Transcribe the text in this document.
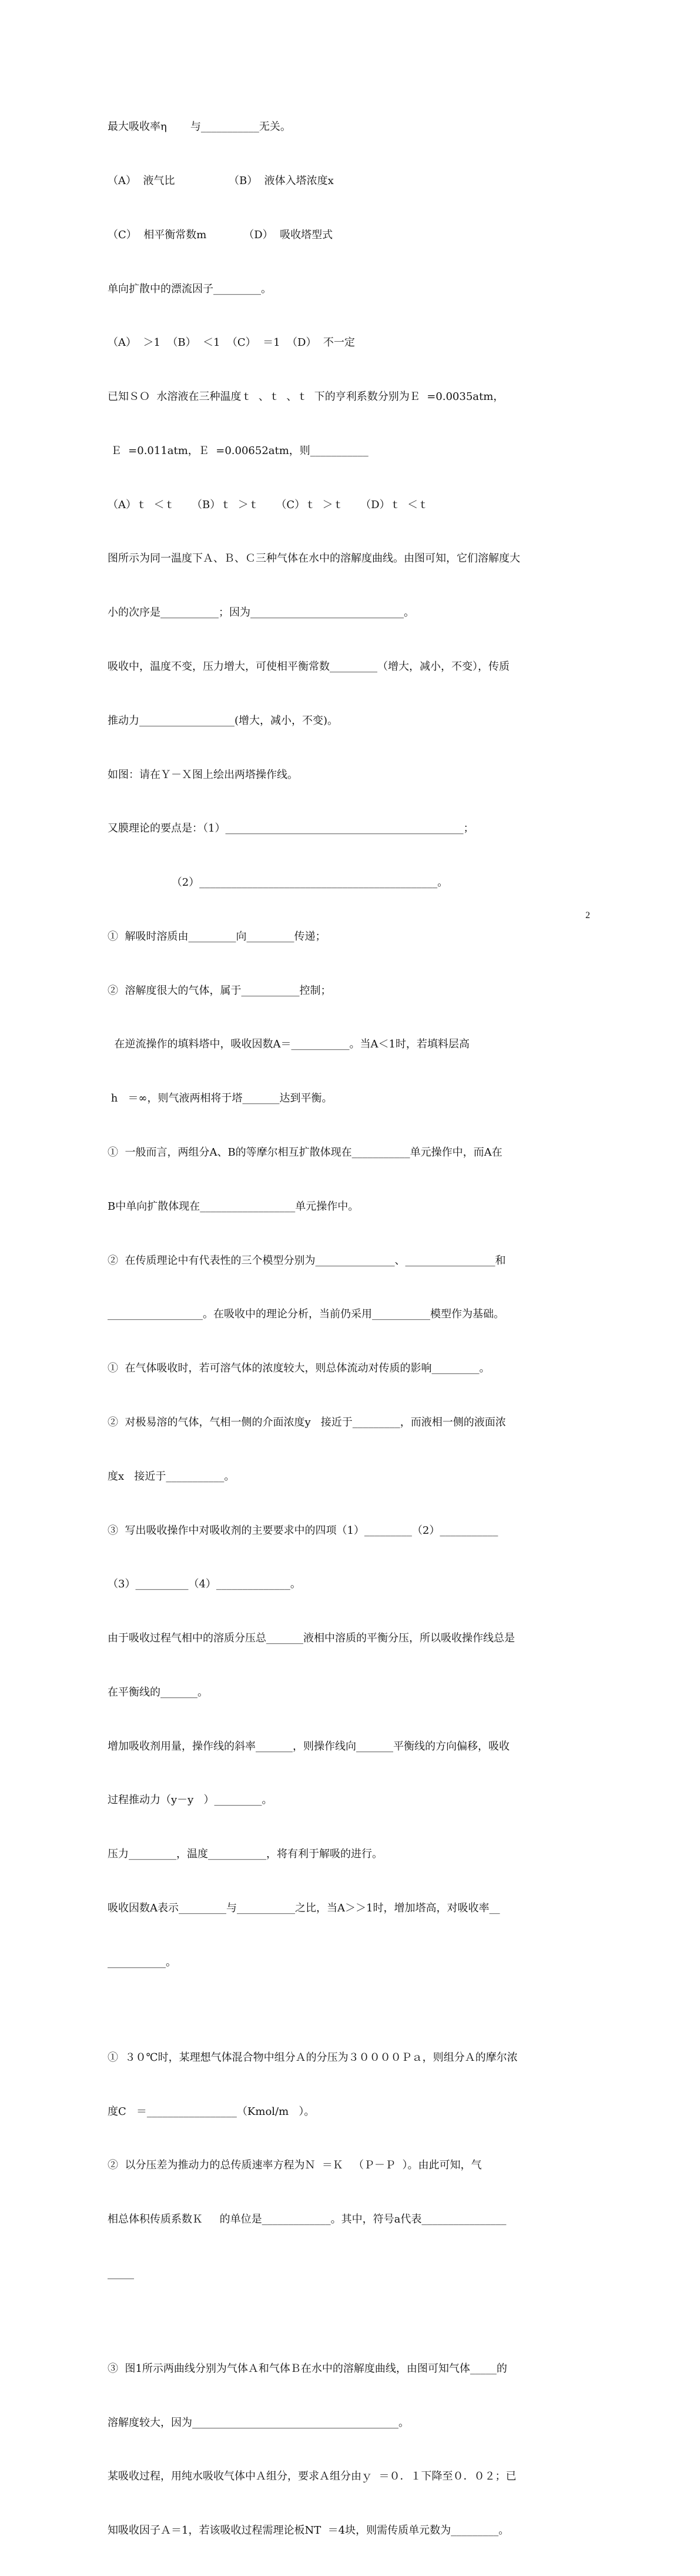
最大吸收率η       与___________无关。

（A）  液气比                （B）  液体入塔浓度x

（C）  相平衡常数m           （D）  吸收塔型式

单向扩散中的漂流因子_________。

（A）  ＞1  （B）  ＜1  （C）  ＝1  （D）  不一定

已知ＳＯ  水溶液在三种温度ｔ  、ｔ  、ｔ  下的亨利系数分别为Ｅ  =0.0035atm，

Ｅ  =0.011atm，Ｅ  =0.00652atm，则___________

（A）ｔ  ＜ｔ     （B）ｔ  ＞ｔ     （C）ｔ  ＞ｔ     （D）ｔ  ＜ｔ

图所示为同一温度下Ａ、Ｂ、Ｃ三种气体在水中的溶解度曲线。由图可知，它们溶解度大

小的次序是___________；因为_____________________________。

吸收中，温度不变，压力增大，可使相平衡常数_________（增大，减小，不变），传质

推动力__________________(增大，减小，不变)。

如图：请在Ｙ－Ｘ图上绘出两塔操作线。

又膜理论的要点是：（1）_____________________________________________；

（2）_____________________________________________。

①  解吸时溶质由_________向_________传递；

②  溶解度很大的气体，属于___________控制；

在逆流操作的填料塔中，吸收因数A＝___________。当A＜1时，若填料层高

h   ＝∞，则气液两相将于塔_______达到平衡。

①  一般而言，两组分A、B的等摩尔相互扩散体现在___________单元操作中，而A在

B中单向扩散体现在__________________单元操作中。

②  在传质理论中有代表性的三个模型分别为_______________、_________________和

__________________。在吸收中的理论分析，当前仍采用___________模型作为基础。

①  在气体吸收时，若可溶气体的浓度较大，则总体流动对传质的影响_________。

②  对极易溶的气体，气相一侧的介面浓度y   接近于_________，而液相一侧的液面浓

度x   接近于___________。

③  写出吸收操作中对吸收剂的主要要求中的四项（1）_________（2）___________

（3）__________（4）______________。

由于吸收过程气相中的溶质分压总_______液相中溶质的平衡分压，所以吸收操作线总是

在平衡线的_______。

增加吸收剂用量，操作线的斜率_______，则操作线向_______平衡线的方向偏移，吸收

过程推动力（y－y   ）_________。

压力_________，温度___________，将有利于解吸的进行。

吸收因数A表示_________与___________之比，当A＞＞1时，增加塔高，对吸收率__

___________。

①  ３０℃时，某理想气体混合物中组分Ａ的分压为３００００Ｐａ，则组分Ａ的摩尔浓

度C   ＝_________________（Kmol/m   ）。

②  以分压差为推动力的总传质速率方程为Ｎ  ＝Ｋ   （Ｐ－Ｐ  ）。由此可知，气

相总体积传质系数Ｋ     的单位是_____________。其中，符号a代表________________

_____

③  图1所示两曲线分别为气体Ａ和气体Ｂ在水中的溶解度曲线，由图可知气体_____的

溶解度较大，因为_______________________________________。

某吸收过程，用纯水吸收气体中Ａ组分，要求Ａ组分由ｙ  ＝０．１下降至０．０２；已

知吸收因子Ａ＝1，若该吸收过程需理论板NT  ＝4块，则需传质单元数为_________。

2
